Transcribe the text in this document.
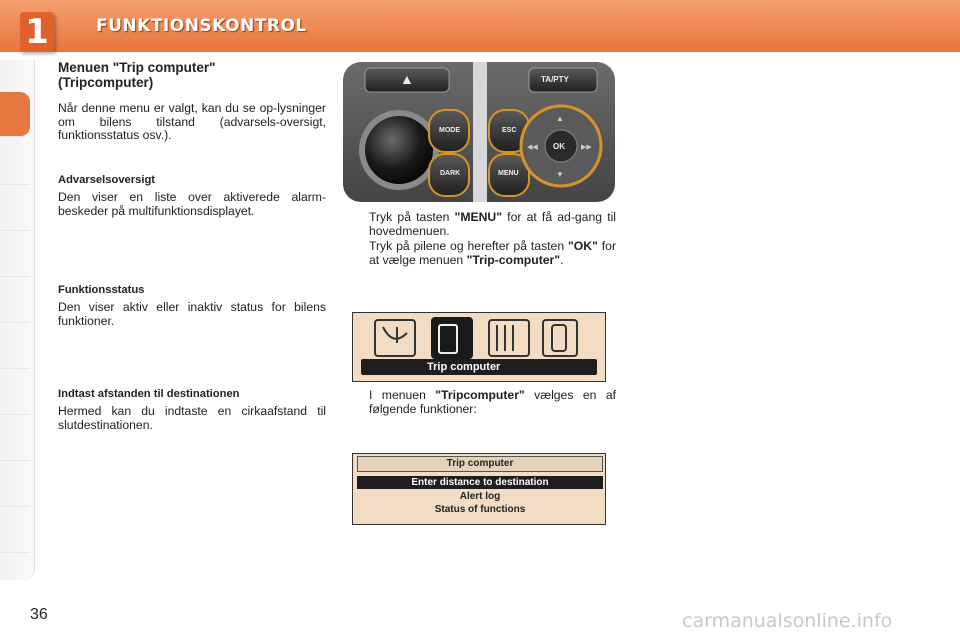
1	FUNKTIONSKONTROL

Menuen "Trip computer" (Tripcomputer)

Når denne menu er valgt, kan du se op-lysninger om bilens tilstand (advarsels-oversigt, funktionsstatus osv.).

Advarselsoversigt

Den viser en liste over aktiverede alarm-beskeder på multifunktionsdisplayet.

Funktionsstatus

Den viser aktiv eller inaktiv status for bilens funktioner.

Indtast afstanden til destinationen

Hermed kan du indtaste en cirkaafstand til slutdestinationen.

▲	TA/PTY
MODE
DARK
ESC
MENU
OK
▲
▼
◀◀	▶▶
Tryk på tasten "MENU" for at få ad-gang til hovedmenuen.
Tryk på pilene og herefter på tasten "OK" for at vælge menuen "Trip-computer".
Trip computer
I menuen "Tripcomputer" vælges en af følgende funktioner:
Trip computer
Enter distance to destination
Alert log
Status of functions
36	carmanualsonline.info
